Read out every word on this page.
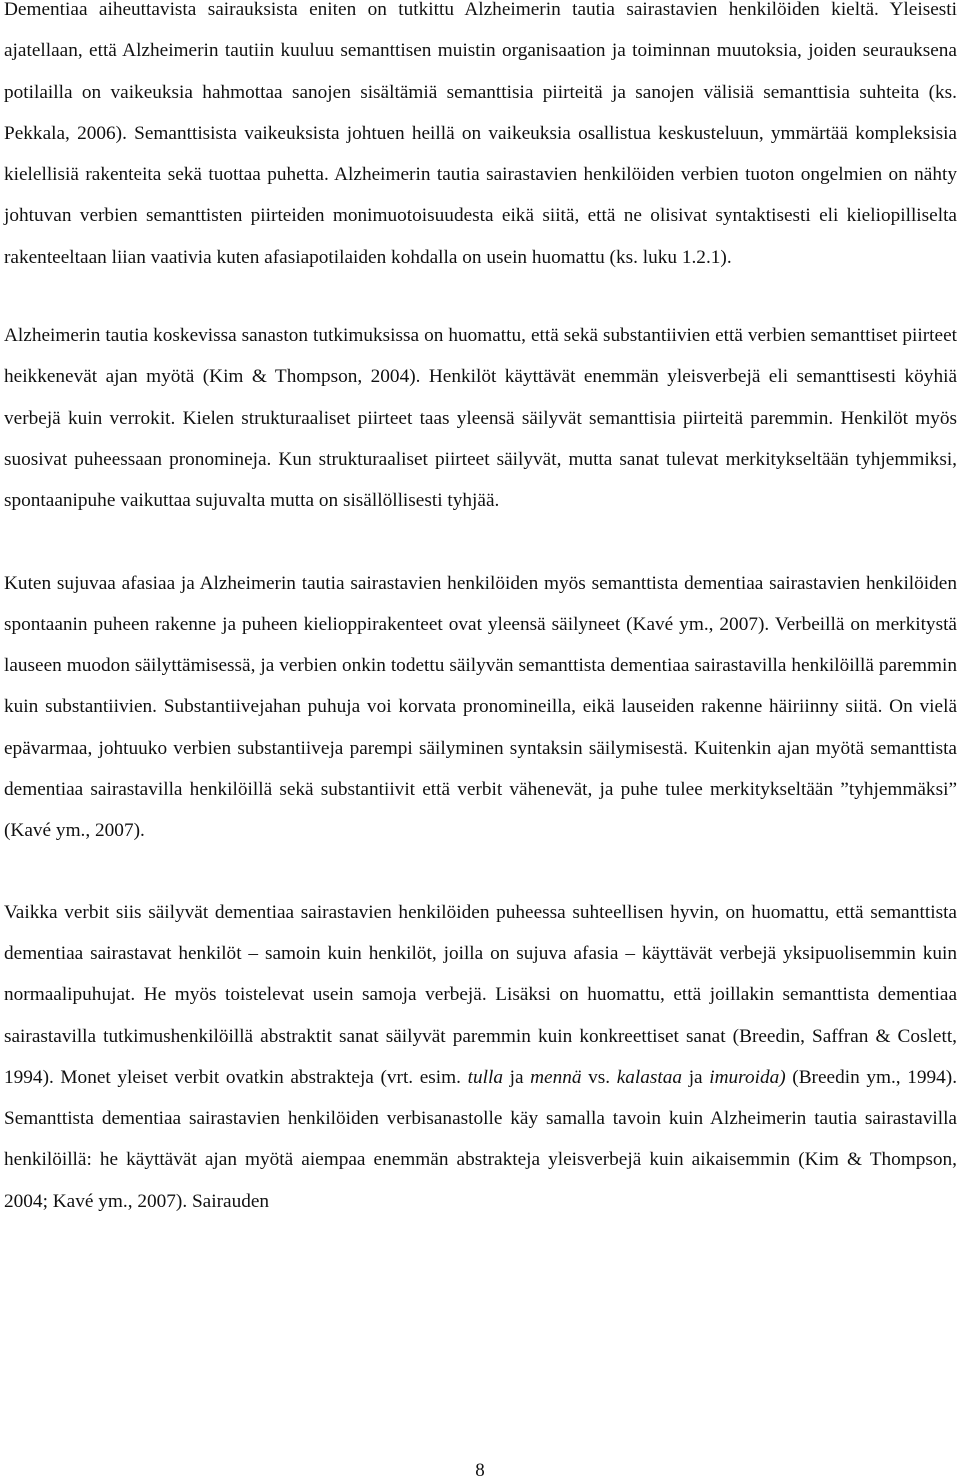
Dementiaa aiheuttavista sairauksista eniten on tutkittu Alzheimerin tautia sairastavien henkilöiden kieltä. Yleisesti ajatellaan, että Alzheimerin tautiin kuuluu semanttisen muistin organisaation ja toiminnan muutoksia, joiden seurauksena potilailla on vaikeuksia hahmottaa sanojen sisältämiä semanttisia piirteitä ja sanojen välisiä semanttisia suhteita (ks. Pekkala, 2006). Semanttisista vaikeuksista johtuen heillä on vaikeuksia osallistua keskusteluun, ymmärtää kompleksisia kielellisiä rakenteita sekä tuottaa puhetta. Alzheimerin tautia sairastavien henkilöiden verbien tuoton ongelmien on nähty johtuvan verbien semanttisten piirteiden monimuotoisuudesta eikä siitä, että ne olisivat syntaktisesti eli kieliopilliselta rakenteeltaan liian vaativia kuten afasiapotilaiden kohdalla on usein huomattu (ks. luku 1.2.1).

Alzheimerin tautia koskevissa sanaston tutkimuksissa on huomattu, että sekä substantiivien että verbien semanttiset piirteet heikkenevät ajan myötä (Kim & Thompson, 2004). Henkilöt käyttävät enemmän yleisverbejä eli semanttisesti köyhiä verbejä kuin verrokit. Kielen strukturaaliset piirteet taas yleensä säilyvät semanttisia piirteitä paremmin. Henkilöt myös suosivat puheessaan pronomineja. Kun strukturaaliset piirteet säilyvät, mutta sanat tulevat merkitykseltään tyhjemmiksi, spontaanipuhe vaikuttaa sujuvalta mutta on sisällöllisesti tyhjää.

Kuten sujuvaa afasiaa ja Alzheimerin tautia sairastavien henkilöiden myös semanttista dementiaa sairastavien henkilöiden spontaanin puheen rakenne ja puheen kielioppirakenteet ovat yleensä säilyneet (Kavé ym., 2007). Verbeillä on merkitystä lauseen muodon säilyttämisessä, ja verbien onkin todettu säilyvän semanttista dementiaa sairastavilla henkilöillä paremmin kuin substantiivien. Substantiivejahan puhuja voi korvata pronomineilla, eikä lauseiden rakenne häiriinny siitä. On vielä epävarmaa, johtuuko verbien substantiiveja parempi säilyminen syntaksin säilymisestä. Kuitenkin ajan myötä semanttista dementiaa sairastavilla henkilöillä sekä substantiivit että verbit vähenevät, ja puhe tulee merkitykseltään ”tyhjemmäksi” (Kavé ym., 2007).

Vaikka verbit siis säilyvät dementiaa sairastavien henkilöiden puheessa suhteellisen hyvin, on huomattu, että semanttista dementiaa sairastavat henkilöt – samoin kuin henkilöt, joilla on sujuva afasia – käyttävät verbejä yksipuolisemmin kuin normaalipuhujat. He myös toistelevat usein samoja verbejä. Lisäksi on huomattu, että joillakin semanttista dementiaa sairastavilla tutkimushenkilöillä abstraktit sanat säilyvät paremmin kuin konkreettiset sanat (Breedin, Saffran & Coslett, 1994). Monet yleiset verbit ovatkin abstrakteja (vrt. esim. tulla ja mennä vs. kalastaa ja imuroida) (Breedin ym., 1994). Semanttista dementiaa sairastavien henkilöiden verbisanastolle käy samalla tavoin kuin Alzheimerin tautia sairastavilla henkilöillä: he käyttävät ajan myötä aiempaa enemmän abstrakteja yleisverbejä kuin aikaisemmin (Kim & Thompson, 2004; Kavé ym., 2007). Sairauden

8
